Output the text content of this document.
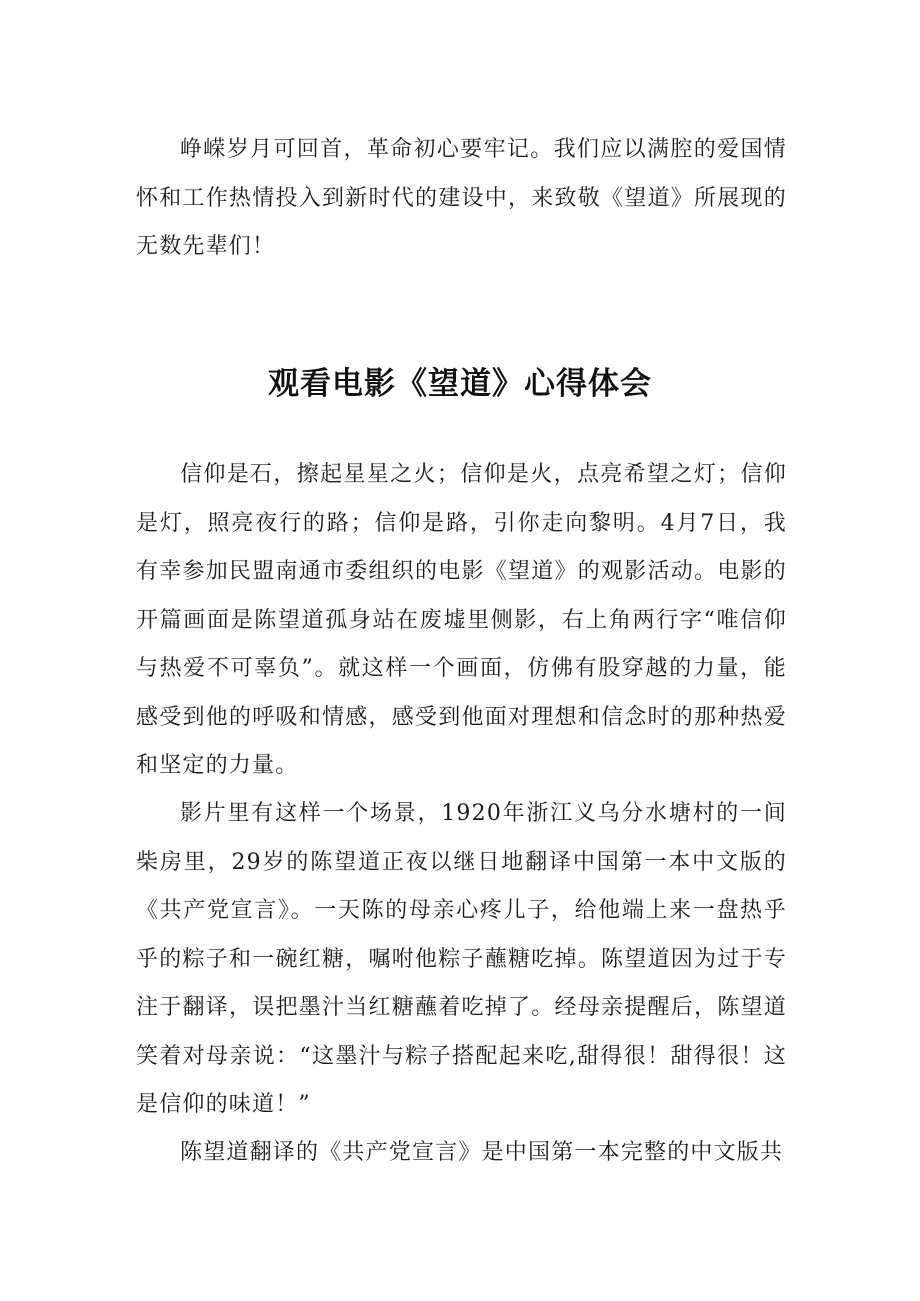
峥嵘岁月可回首，革命初心要牢记。我们应以满腔的爱国情怀和工作热情投入到新时代的建设中，来致敬《望道》所展现的无数先辈们！

观看电影《望道》心得体会

信仰是石，擦起星星之火；信仰是火，点亮希望之灯；信仰是灯，照亮夜行的路；信仰是路，引你走向黎明。4月7日，我有幸参加民盟南通市委组织的电影《望道》的观影活动。电影的开篇画面是陈望道孤身站在废墟里侧影，右上角两行字“唯信仰与热爱不可辜负”。就这样一个画面，仿佛有股穿越的力量，能感受到他的呼吸和情感，感受到他面对理想和信念时的那种热爱和坚定的力量。

影片里有这样一个场景，1920年浙江义乌分水塘村的一间柴房里，29岁的陈望道正夜以继日地翻译中国第一本中文版的《共产党宣言》。一天陈的母亲心疼儿子，给他端上来一盘热乎乎的粽子和一碗红糖，嘱咐他粽子蘸糖吃掉。陈望道因为过于专注于翻译，误把墨汁当红糖蘸着吃掉了。经母亲提醒后，陈望道笑着对母亲说：“这墨汁与粽子搭配起来吃,甜得很！甜得很！这是信仰的味道！”

陈望道翻译的《共产党宣言》是中国第一本完整的中文版共
